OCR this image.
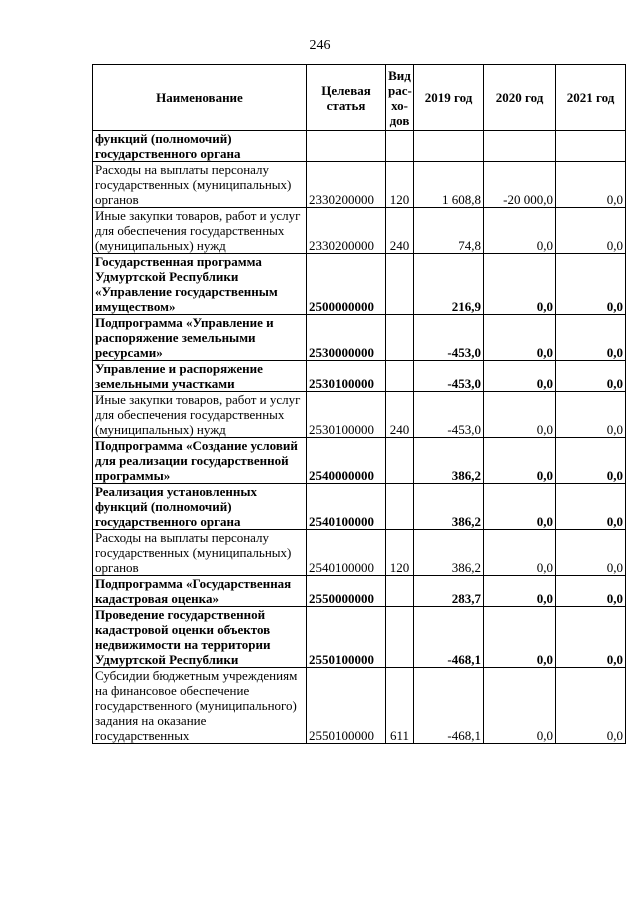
246
Наименование	Целевая статья	Вид рас-хо-дов	2019 год	2020 год	2021 год
функций (полномочий) государственного органа					
Расходы на выплаты персоналу государственных (муниципальных) органов	2330200000	120	1 608,8	-20 000,0	0,0
Иные закупки товаров, работ и услуг для обеспечения государственных (муниципальных) нужд	2330200000	240	74,8	0,0	0,0
Государственная программа Удмуртской Республики «Управление государственным имуществом»	2500000000		216,9	0,0	0,0
Подпрограмма «Управление и распоряжение земельными ресурсами»	2530000000		-453,0	0,0	0,0
Управление и распоряжение земельными участками	2530100000		-453,0	0,0	0,0
Иные закупки товаров, работ и услуг для обеспечения государственных (муниципальных) нужд	2530100000	240	-453,0	0,0	0,0
Подпрограмма «Создание условий для реализации государственной программы»	2540000000		386,2	0,0	0,0
Реализация установленных функций (полномочий) государственного органа	2540100000		386,2	0,0	0,0
Расходы на выплаты персоналу государственных (муниципальных) органов	2540100000	120	386,2	0,0	0,0
Подпрограмма «Государственная кадастровая оценка»	2550000000		283,7	0,0	0,0
Проведение государственной кадастровой оценки объектов недвижимости на территории Удмуртской Республики	2550100000		-468,1	0,0	0,0
Субсидии бюджетным учреждениям на финансовое обеспечение государственного (муниципального) задания на оказание государственных	2550100000	611	-468,1	0,0	0,0
